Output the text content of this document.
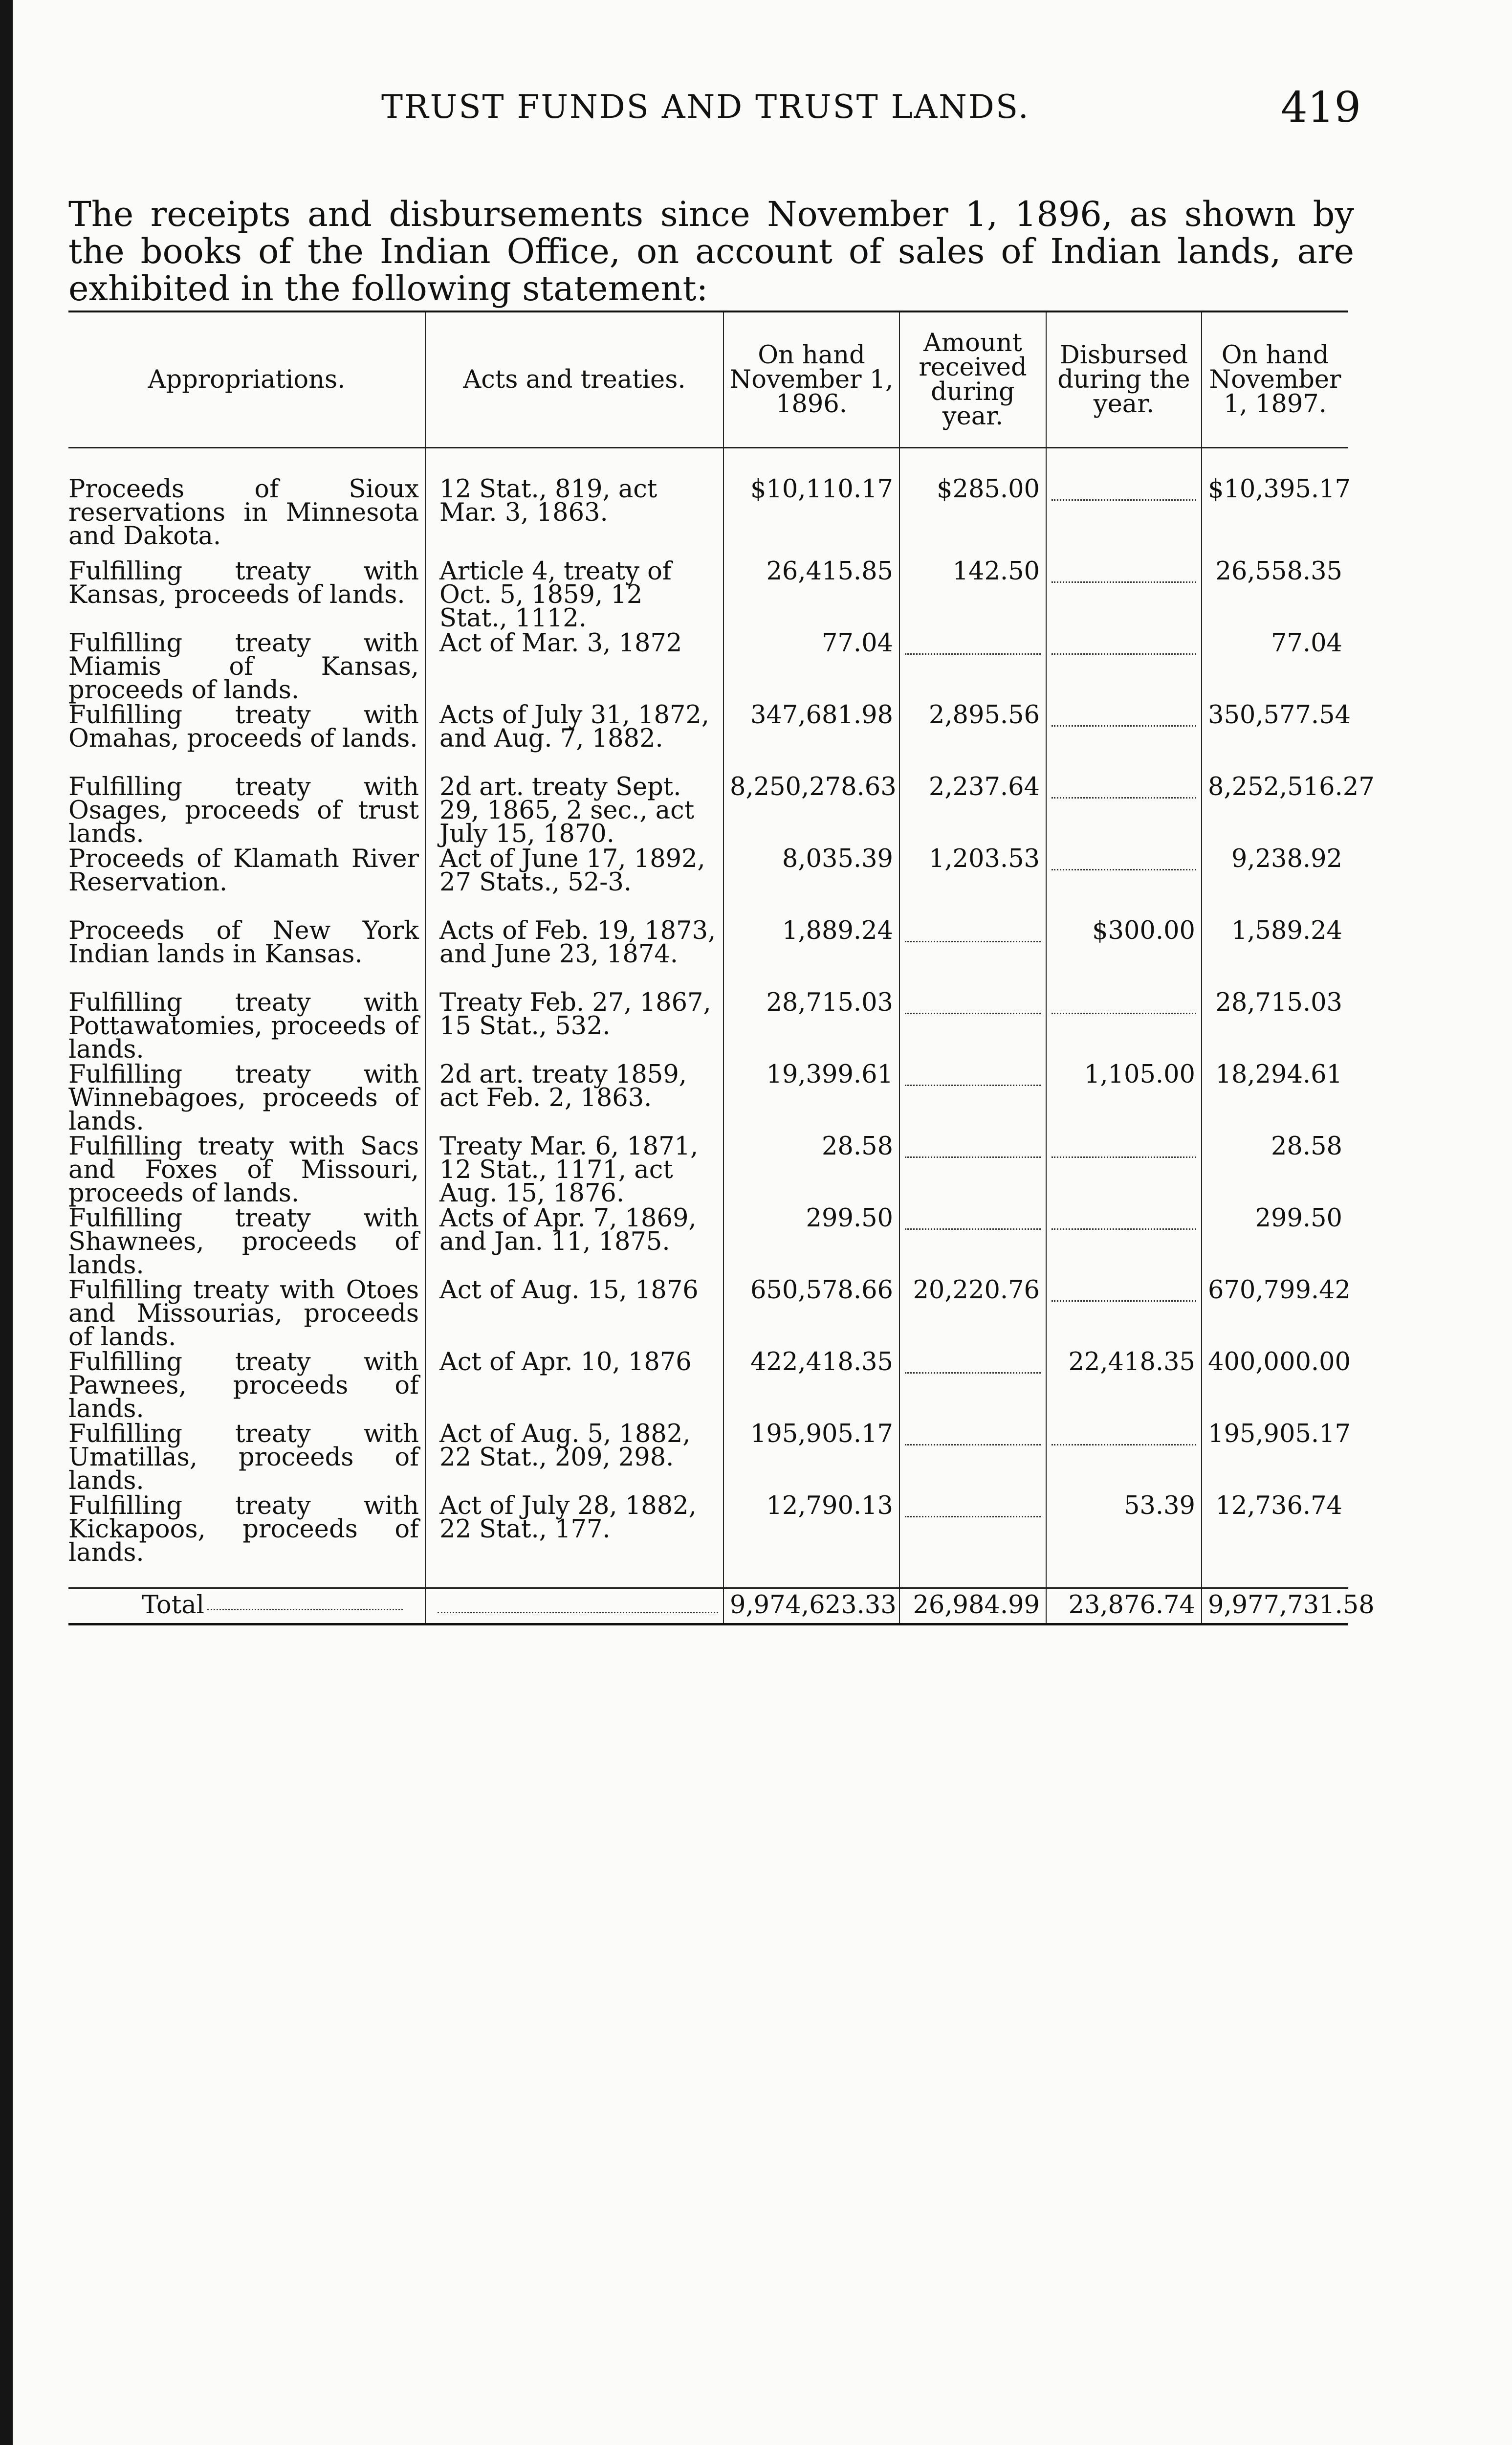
TRUST FUNDS AND TRUST LANDS.	419

The receipts and disbursements since November 1, 1896, as shown by the books of the Indian Office, on account of sales of Indian lands, are exhibited in the following statement:

Appropriations.	Acts and treaties.	On hand November 1, 1896.	Amount received during year.	Disbursed during the year.	On hand November 1, 1897.
Proceeds of Sioux reservations in Minnesota and Dakota.	12 Stat., 819, act Mar. 3, 1863.	$10,110.17	$285.00		$10,395.17
Fulfilling treaty with Kansas, proceeds of lands.	Article 4, treaty of Oct. 5, 1859, 12 Stat., 1112.	26,415.85	142.50		26,558.35
Fulfilling treaty with Miamis of Kansas, proceeds of lands.	Act of Mar. 3, 1872	77.04			77.04
Fulfilling treaty with Omahas, proceeds of lands.	Acts of July 31, 1872, and Aug. 7, 1882.	347,681.98	2,895.56		350,577.54
Fulfilling treaty with Osages, proceeds of trust lands.	2d art. treaty Sept. 29, 1865, 2 sec., act July 15, 1870.	8,250,278.63	2,237.64		8,252,516.27
Proceeds of Klamath River Reservation.	Act of June 17, 1892, 27 Stats., 52-3.	8,035.39	1,203.53		9,238.92
Proceeds of New York Indian lands in Kansas.	Acts of Feb. 19, 1873, and June 23, 1874.	1,889.24		$300.00	1,589.24
Fulfilling treaty with Pottawatomies, proceeds of lands.	Treaty Feb. 27, 1867, 15 Stat., 532.	28,715.03			28,715.03
Fulfilling treaty with Winnebagoes, proceeds of lands.	2d art. treaty 1859, act Feb. 2, 1863.	19,399.61		1,105.00	18,294.61
Fulfilling treaty with Sacs and Foxes of Missouri, proceeds of lands.	Treaty Mar. 6, 1871, 12 Stat., 1171, act Aug. 15, 1876.	28.58			28.58
Fulfilling treaty with Shawnees, proceeds of lands.	Acts of Apr. 7, 1869, and Jan. 11, 1875.	299.50			299.50
Fulfilling treaty with Otoes and Missourias, proceeds of lands.	Act of Aug. 15, 1876	650,578.66	20,220.76		670,799.42
Fulfilling treaty with Pawnees, proceeds of lands.	Act of Apr. 10, 1876	422,418.35		22,418.35	400,000.00
Fulfilling treaty with Umatillas, proceeds of lands.	Act of Aug. 5, 1882, 22 Stat., 209, 298.	195,905.17			195,905.17
Fulfilling treaty with Kickapoos, proceeds of lands.	Act of July 28, 1882, 22 Stat., 177.	12,790.13		53.39	12,736.74
Total		9,974,623.33	26,984.99	23,876.74	9,977,731.58
